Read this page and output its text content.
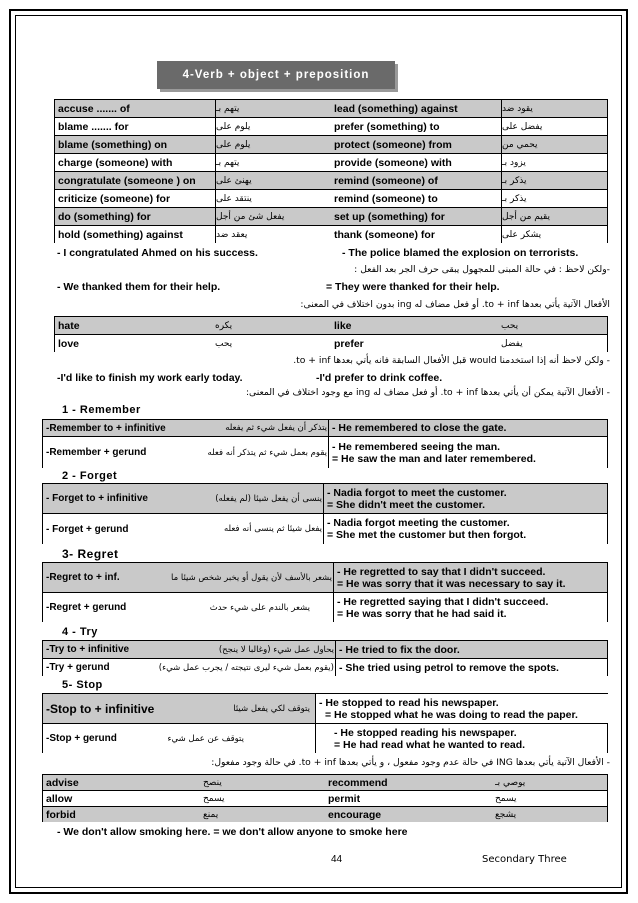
4-Verb + object + preposition
accuse ....... of	يتهم بـ	lead (something) against	يقود ضد
blame ....... for	يلوم على	prefer (something) to	يفضل على
blame (something) on	يلوم على	protect (someone) from	يحمي من
charge (someone) with	يتهم بـ	provide (someone) with	يزود بـ
congratulate (someone ) on	يهنئ على	remind (someone) of	يذكر بـ
criticize (someone) for	ينتقد على	remind (someone) to	يذكر بـ
do (something) for	يفعل شئ من أجل	set up (something) for	يقيم من أجل
hold (something) against	يعقد ضد	thank (someone) for	يشكر على
- I congratulated Ahmed on his success.	- The police blamed the explosion on terrorists.
-ولكن لاحظ : في حالة المبنى للمجهول يبقى حرف الجر بعد الفعل :
- We thanked them for their help.	= They were thanked for their help.
الأفعال الآتية يأتي بعدها to + inf. أو فعل مضاف له ing بدون اختلاف في المعنى:
hate	يكره	like	يحب
love	يحب	prefer	يفضل
- ولكن لاحظ أنه إذا استخدمنا would قبل الأفعال السابقة فانه يأتي بعدها to + inf.
-I'd like to finish my work early today.	-I'd prefer to drink coffee.
- الأفعال الآتية يمكن أن يأتي بعدها to + inf. أو فعل مضاف له ing مع وجود اختلاف في المعنى:
1 - Remember
-Remember to + infinitive	يتذكر أن يفعل شيء ثم يفعله - He remembered to close the gate.
-Remember + gerund	يقوم بعمل شيء ثم يتذكر أنه فعله - He remembered seeing the man.
= He saw the man and later remembered.
2 - Forget
- Forget to + infinitive	ينسى أن يفعل شيئا (لم يفعله) - Nadia forgot to meet the customer.
= She didn't meet the customer.
- Forget + gerund	يفعل شيئا ثم ينسى أنه فعله - Nadia forgot meeting the customer.
= She met the customer but then forgot.
3- Regret
-Regret to + inf.	يشعر بالأسف لأن يقول أو يخبر شخص شيئا ما - He regretted to say that I didn't succeed.
= He was sorry that it was necessary to say it.
-Regret + gerund	يشعر بالندم على شيء حدث	- He regretted saying that I didn't succeed.
= He was sorry that he had said it.
4 - Try
-Try to + infinitive	يحاول عمل شيء (وغالبا لا ينجح) - He tried to fix the door.
-Try + gerund	(يقوم بعمل شيء ليرى نتيجته / يجرب عمل شيء) - She tried using petrol to remove the spots.
5- Stop
-Stop to + infinitive	يتوقف لكي يفعل شيئا - He stopped to read his newspaper.
= He stopped what he was doing to read the paper.
-Stop + gerund	يتوقف عن عمل شيء	- He stopped reading his newspaper.
= He had read what he wanted to read.
- الأفعال الآتية يأتي بعدها ING في حالة عدم وجود مفعول ، و يأتي بعدها to + inf. في حالة وجود مفعول:
advise	ينصح	recommend	يوصي بـ
allow	يسمح	permit	يسمح
forbid	يمنع	encourage	يشجع
- We don't allow smoking here. = we don't allow anyone to smoke here
44	Secondary Three
